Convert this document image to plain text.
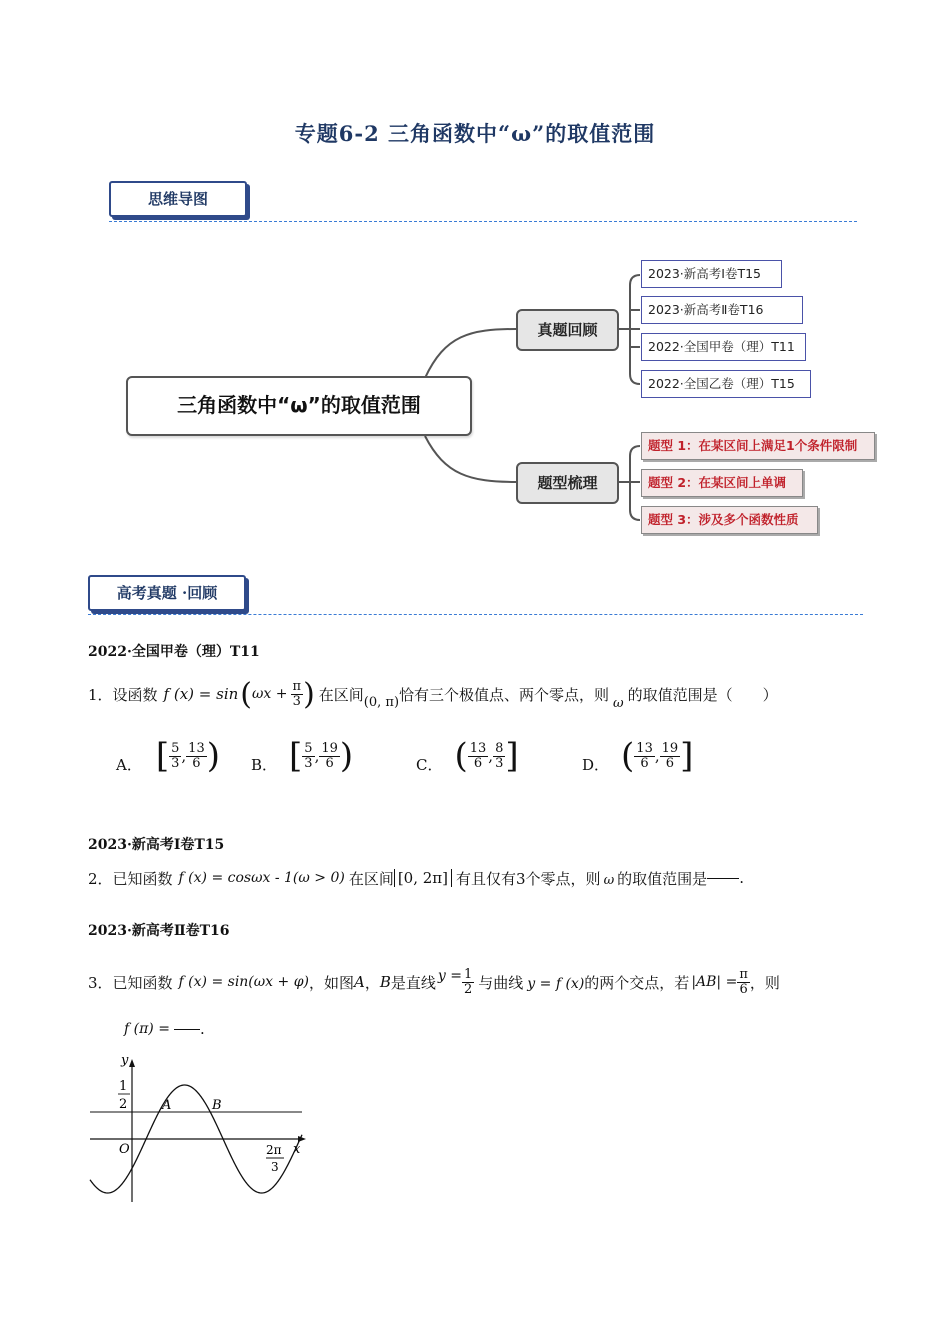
专题6-2 三角函数中“ω”的取值范围
思维导图
三角函数中“ω”的取值范围
真题回顾
题型梳理
2023·新高考Ⅰ卷T15
2023·新高考Ⅱ卷T16
2022·全国甲卷（理）T11
2022·全国乙卷（理）T15
题型 1：在某区间上满足1个条件限制
题型 2：在某区间上单调
题型 3：涉及多个函数性质
高考真题 ·回顾
2022·全国甲卷（理）T11
1．设函数 f (x) = sin ( $\omega x + \frac{\pi}{3}$ ) 在区间 (0, π) 恰有三个极值点、两个零点，则 ω 的取值范围是（　　）
A． [ $\frac{5}{3}$ , $\frac{13}{6}$ ) B． [ $\frac{5}{3}$ , $\frac{19}{6}$ )	C． ( $\frac{13}{6}$ , $\frac{8}{3}$ ]	D． ( $\frac{13}{6}$ , $\frac{19}{6}$ ]
2023·新高考Ⅰ卷T15
2．已知函数 f (x) = cosωx - 1(ω > 0) 在区间 [0, 2π] 有且仅有3个零点，则 ω 的取值范围是 .
2023·新高考Ⅱ卷T16
3．已知函数 f (x) = sin(ωx + φ) ，如图 A ， B 是直线 $y = \frac{1}{2}$ 与曲线 y = f (x) 的两个交点，若 $|AB| = \frac{\pi}{6}$ ，则
f (π) = .
y
x
O
1
2	A	B
2π
3
